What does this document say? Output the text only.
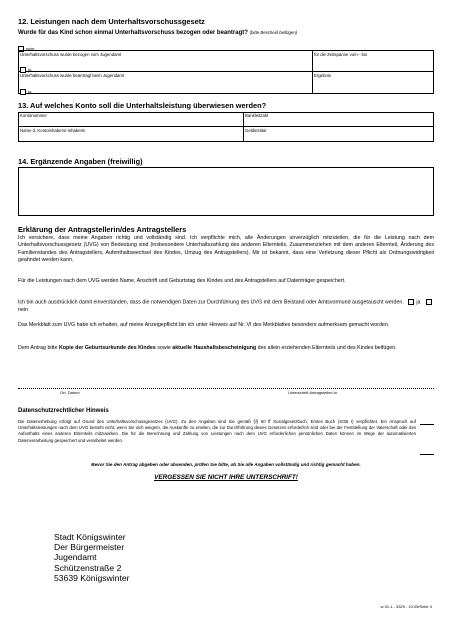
12. Leistungen nach dem Unterhaltsvorschussgesetz
Wurde für das Kind schon einmal Unterhaltsvorschuss bezogen oder beantragt? (bitte Bescheid beifügen)
nein
Unterhaltsvorschuss wurde bezogen vom Jugendamt	für die Zeitspanne vom - bis
ja
Unterhaltsvorschuss wurde beantragt beim Jugendamt	Ergebnis
ja
13. Auf welches Konto soll die Unterhaltsleistung überwiesen werden?
Kontonummer	Bankleitzahl
Name d. Kontoinhabers/-inhaberin	Geldinstitut
14. Ergänzende Angaben (freiwillig)
Erklärung der Antragstellerin/des Antragstellers
Ich versichere, dass meine Angaben richtig und vollständig sind. Ich verpflichte mich, alle Änderungen unverzüglich mitzuteilen, die für die Leistung nach dem Unterhaltsvorschussgesetz (UVG) von Bedeutung sind (insbesondere Unterhaltszahlung des anderen Elternteils, Zusammenziehen mit dem anderen Elternteil, Änderung des Familienstandes des Antragstellers, Aufenthaltswechsel des Kindes, Umzug des Antragstellers). Mir ist bekannt, dass eine Verletzung dieser Pflicht als Ordnungswidrigkeit geahndet werden kann.
Für die Leistungen nach dem UVG werden Name, Anschrift und Geburtstag des Kindes und des Antragstellers auf Datenträger gespeichert.
Ich bin auch ausdrücklich damit einverstanden, dass die notwendigen Daten zur Durchführung des UVG mit dem Beistand oder Amtsvormund ausgetauscht werden. ja nein
Das Merkblatt zum UVG habe ich erhalten, auf meine Anzeigepflicht bin ich unter Hinweis auf Nr. VI des Merkblattes besonders aufmerksam gemacht worden.
Dem Antrag bitte Kopie der Geburtsurkunde des Kindes sowie aktuelle Haushaltsbescheinigung des allein erziehenden Elternteils und des Kindes beifügen.
Ort, Datum	Unterschrift Antragsteller/-in
Datenschutzrechtlicher Hinweis
Die Datenerhebung erfolgt auf Grund des Unterhaltsvorschussgesetzes (UVG). Zu den Angaben sind Sie gemäß §§ 60 ff Sozialgesetzbuch, Erstes Buch (SGB I) verpflichtet. Ein Anspruch auf Unterhaltsleistungen nach dem UVG besteht nicht, wenn Sie sich weigern, die Auskünfte zu erteilen, die zur Durchführung dieses Gesetzes erforderlich sind oder bei der Feststellung der Vaterschaft oder des Aufenthalts eines anderen Elternteils mitzuwirken. Die für die Berechnung und Zahlung von Leistungen nach dem UVG erforderlichen persönlichen Daten können im Wege der automatisierten Datenverarbeitung gespeichert und verarbeitet werden.
Bevor Sie den Antrag abgeben oder absenden, prüfen Sie bitte, ob Sie alle Angaben vollständig und richtig gemacht haben.
VERGESSEN SIE NICHT IHRE UNTERSCHRIFT!
Stadt Königswinter
Der Bürgermeister
Jugendamt
Schützenstraße 2
53639 Königswinter
w 51.1 - 3329 - 10.05/Seite 4
